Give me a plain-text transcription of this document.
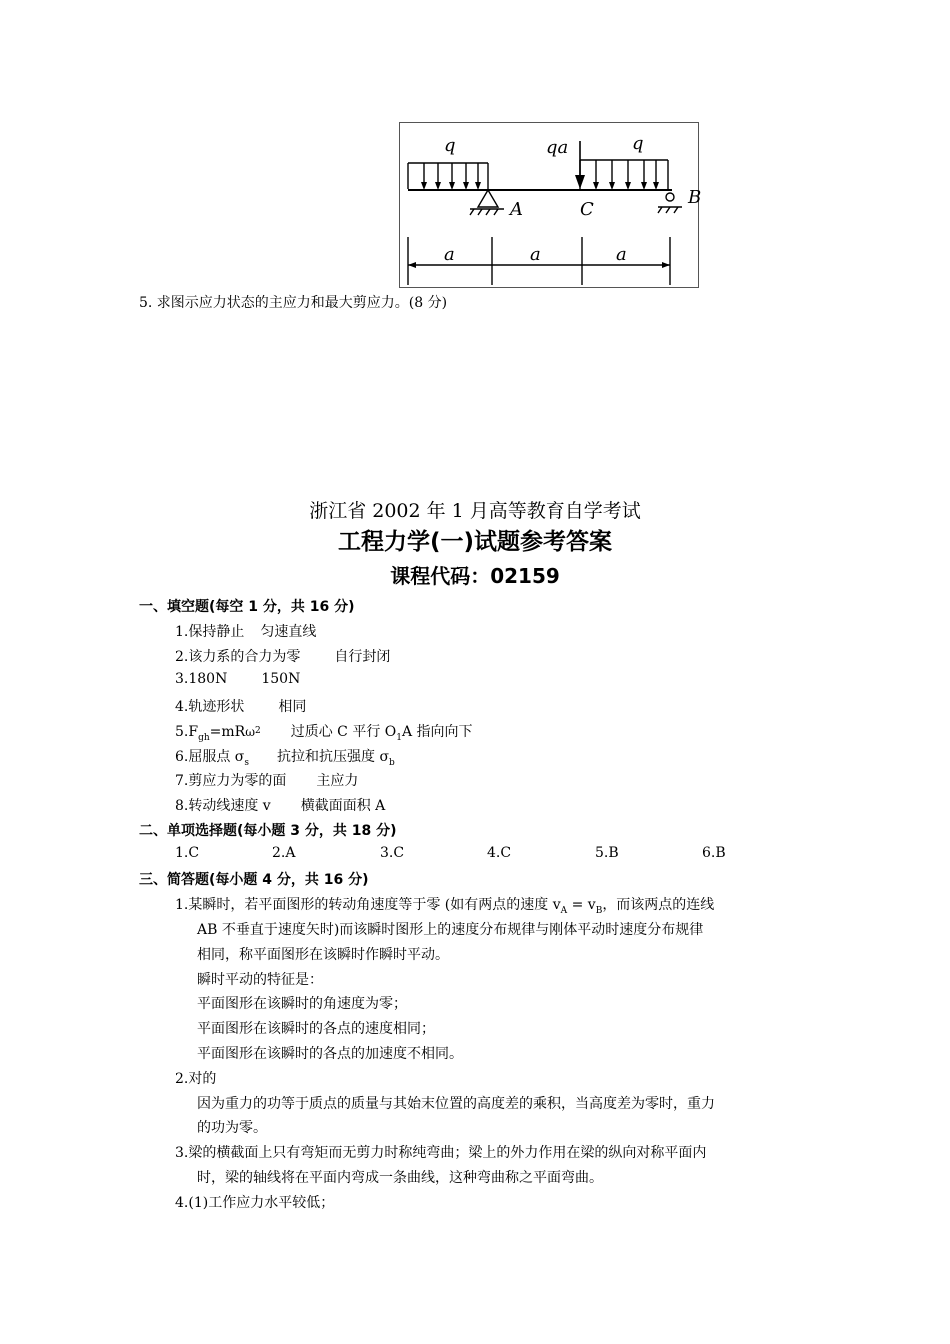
q	qa	q
A	C
B
a	a	a
5. 求图示应力状态的主应力和最大剪应力。(8 分)
浙江省 2002 年 1 月高等教育自学考试
工程力学(一)试题参考答案
课程代码：02159
一、填空题(每空 1 分，共 16 分)
1.保持静止 匀速直线
2.该力系的合力为零 自行封闭
3.180N 150N
4.轨迹形状 相同
$5.F_{gh}=mR\omega^2$ 过质心 C 平行 $O_1A$ 指向向下
6.屈服点 $\sigma_s$ 抗拉和抗压强度 $\sigma_b$
7.剪应力为零的面 主应力
8.转动线速度 v 横截面面积 A
二、单项选择题(每小题 3 分，共 18 分)
1.C	2.A	3.C	4.C	5.B	6.B
三、简答题(每小题 4 分，共 16 分)
1.某瞬时，若平面图形的转动角速度等于零 (如有两点的速度 $v_A = v_B$，而该两点的连线
AB 不垂直于速度矢时)而该瞬时图形上的速度分布规律与刚体平动时速度分布规律
相同，称平面图形在该瞬时作瞬时平动。
瞬时平动的特征是：
平面图形在该瞬时的角速度为零；
平面图形在该瞬时的各点的速度相同；
平面图形在该瞬时的各点的加速度不相同。
2.对的
因为重力的功等于质点的质量与其始末位置的高度差的乘积，当高度差为零时，重力
的功为零。
3.梁的横截面上只有弯矩而无剪力时称纯弯曲；梁上的外力作用在梁的纵向对称平面内
时，梁的轴线将在平面内弯成一条曲线，这种弯曲称之平面弯曲。
4.(1)工作应力水平较低；
